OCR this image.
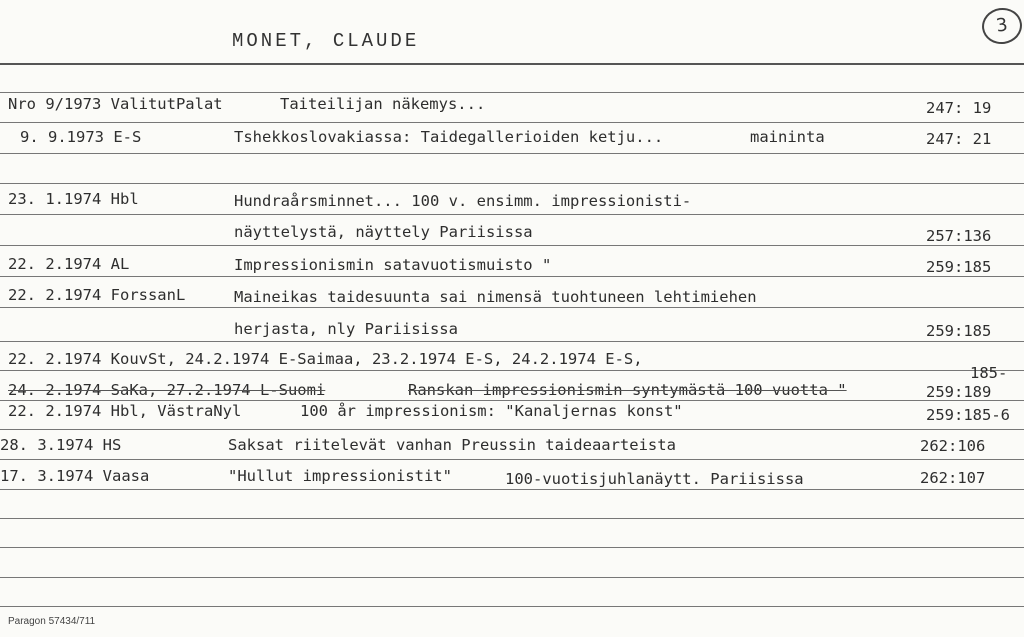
MONET, CLAUDE
3
Nro 9/1973 ValitutPalat	Taiteilijan näkemys...	247: 19
9. 9.1973 E-S	Tshekkoslovakiassa: Taidegallerioiden ketju...	maininta	247: 21
23. 1.1974 Hbl	Hundraårsminnet... 100 v. ensimm. impressionisti-
näyttelystä, näyttely Pariisissa	257:136
22. 2.1974 AL	Impressionismin satavuotismuisto "	259:185
22. 2.1974 ForssanL	Maineikas taidesuunta sai nimensä tuohtuneen lehtimiehen
herjasta, nly Pariisissa	259:185
22. 2.1974 KouvSt, 24.2.1974 E-Saimaa, 23.2.1974 E-S, 24.2.1974 E-S,
185-
24. 2.1974 SaKa, 27.2.1974 L-Suomi	Ranskan impressionismin syntymästä 100 vuotta "	259:189
22. 2.1974 Hbl, VästraNyl	100 år impressionism: "Kanaljernas konst"	259:185-6
28. 3.1974 HS	Saksat riitelevät vanhan Preussin taideaarteista	262:106
17. 3.1974 Vaasa	"Hullut impressionistit"	100-vuotisjuhlanäytt. Pariisissa	262:107
Paragon 57434/711
